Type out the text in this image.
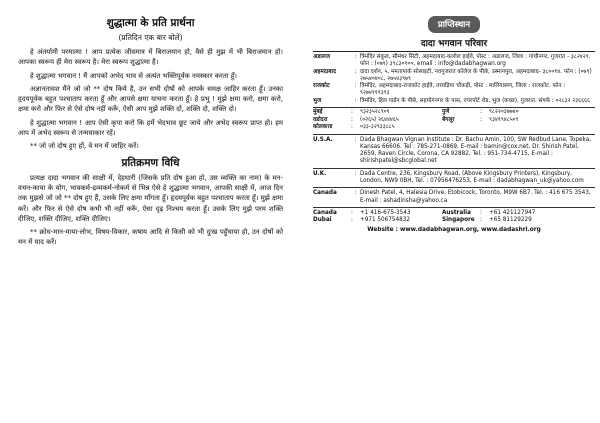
शुद्धात्मा के प्रति प्रार्थना
(प्रतिदिन एक बार बोलें)

हे अंतर्यामी परमात्मा ! आप प्रत्येक जीवमात्र में बिराजमान हो, वैसे ही मुझ में भी बिराजमान हो। आपका स्वरूप ही मेरा स्वरूप है। मेरा स्वरूप शुद्धात्मा है।

हे शुद्धात्मा भगवान ! मैं आपको अभेद भाव से अत्यंत भक्तिपूर्वक नमस्कार करता हूँ।

अज्ञानतावश मैंने जो जो ** दोष किये है, उन सभी दोषों को आपके समक्ष जाहिर करता हूँ। उनका हृदयपूर्वक बहुत पश्चाताप करता हूँ और आपसे क्षमा याचना करता हूँ। हे प्रभु ! मुझे क्षमा करो, क्षमा करो, क्षमा करो और फिर से ऐसे दोष नहीं करूँ, ऐसी आप मुझे शक्ति दो, शक्ति दो, शक्ति दो।

हे शुद्धात्मा भगवान ! आप ऐसी कृपा करो कि हमें भेदभाव छूट जाये और अभेद स्वरूप प्राप्त हो। हम आप में अभेद स्वरूप से तन्मयाकार रहें।

** जो जो दोष हुए हों, वे मन में जाहिर करें।

प्रतिक्रमण विधि

प्रत्यक्ष दादा भगवान की साक्षी में, देहधारी (जिसके प्रति दोष हुआ हो, उस व्यक्ति का नाम) के मन-वचन-काया के योग, भावकर्म-द्रव्यकर्म-नोकर्म से भिन्न ऐसे हे शुद्धात्मा भगवान, आपकी साक्षी में, आज दिन तक मुझसे जो जो ** दोष हुए हैं, उसके लिए क्षमा माँगता हूँ। हृदयपूर्वक बहुत पश्चाताप करता हूँ। मुझे क्षमा करें। और फिर से ऐसे दोष कभी भी नहीं करूँ, ऐसा दृढ़ निश्चय करता हूँ। उसके लिए मुझे परम शक्ति दीजिए, शक्ति दीजिए, शक्ति दीजिए।

** क्रोध-मान-माया-लोभ, विषय-विकार, कषाय आदि से किसी को भी दुःख पहुँचाया हो, उन दोषों को मन में याद करें।

प्राप्तिस्थान
दादा भगवान परिवार
अडालज	:	त्रिमंदिर संकुल, सीमंधर सिटी, अहमदाबाद-कलोल हाईवे, पोस्ट : अडालज, जिला : गांधीनगर, गुजरात - ३८२४२१. फोन : (०७९) ३९८३०१००, email : info@dadabhagwan.org
अहमदाबाद	:	दादा दर्शन, ५, ममतापार्क सोसाइटी, नवगुजरात कॉलेज के पीछे, उस्मानपुरा, अहमदाबाद- ३८००१४. फोन : (०७९) २७५४०४०८, २७५४३९७९
राजकोट	:	त्रिमंदिर, अहमदाबाद-राजकोट हाईवे, तरघड़िया चौकड़ी, पोस्ट : मालियासण, जिला : राजकोट. फोन : ९२७४१११३९३
भुज	:	त्रिमंदिर, हिल गार्डन के पीछे, सहयोगनगर के पास, एयरपोर्ट रोड, भुज (कच्छ), गुजरात. संपर्क : ०२८३२ २३६६६६
मुंबई	:	९३२३५२८९०१	पुणे	:	९८२२०३७७४०
वडोदरा	:	(०२६५) २६४४४६५	बेंगलूर	:	९३४१९४८५०९
कोलकत्ता	:	०३३-३२९३३८८५
U.S.A.	:	Dada Bhagwan Vignan Institute : Dr. Bachu Amin, 100, SW Redbud Lane, Topeka, Kansas 66606. Tel : 785-271-0869, E-mail : bamin@cox.net. Dr. Shirish Patel, 2659, Raven Circle, Corona, CA 92882, Tel. : 951-734-4715, E-mail : shirishpatel@sbcglobal.net
U.K.	:	Dada Centre, 236, Kingsbury Road, (Above Kingsbury Printers), Kingsbury, London, NW9 0BH, Tel. : 07956476253, E-mail : dadabhagwan_uk@yahoo.com
Canada	:	Dinesh Patel, 4, Halesia Drive, Etobicock, Toronto, M9W 6B7. Tel. : 416 675 3543, E-mail : ashadinsha@yahoo.ca
Canada	:	+1 416-675-3543	Australia	:	+61 421127947
Dubai	:	+971 506754832	Singapore :	+65 81129229
Website : www.dadabhagwan.org, www.dadashri.org
